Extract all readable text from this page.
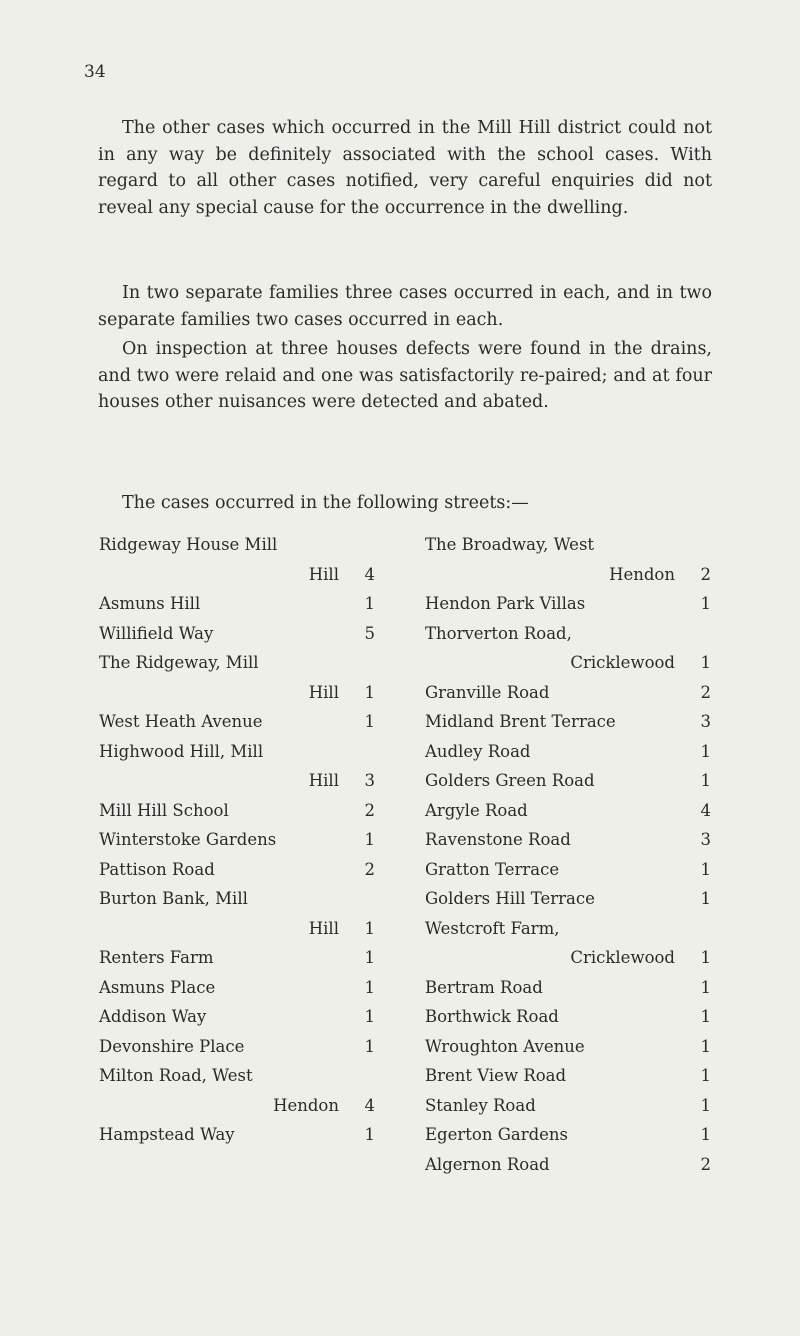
34

The other cases which occurred in the Mill Hill district could not in any way be definitely associated with the school cases. With regard to all other cases notified, very careful enquiries did not reveal any special cause for the occurrence in the dwelling.

In two separate families three cases occurred in each, and in two separate families two cases occurred in each.

On inspection at three houses defects were found in the drains, and two were relaid and one was satisfactorily re-paired; and at four houses other nuisances were detected and abated.

The cases occurred in the following streets:—

Ridgeway House Mill
Hill 4
Asmuns Hill	1
Willifield Way	5
The Ridgeway, Mill
Hill 1
West Heath Avenue	1
Highwood Hill, Mill
Hill 3
Mill Hill School	2
Winterstoke Gardens	1
Pattison Road	2
Burton Bank, Mill
Hill 1
Renters Farm	1
Asmuns Place	1
Addison Way	1
Devonshire Place	1
Milton Road, West
Hendon 4
Hampstead Way	1
The Broadway, West
Hendon 2
Hendon Park Villas	1
Thorverton Road,
Cricklewood 1
Granville Road	2
Midland Brent Terrace	3
Audley Road	1
Golders Green Road	1
Argyle Road	4
Ravenstone Road	3
Gratton Terrace	1
Golders Hill Terrace	1
Westcroft Farm,
Cricklewood 1
Bertram Road	1
Borthwick Road	1
Wroughton Avenue	1
Brent View Road	1
Stanley Road	1
Egerton Gardens	1
Algernon Road	2
